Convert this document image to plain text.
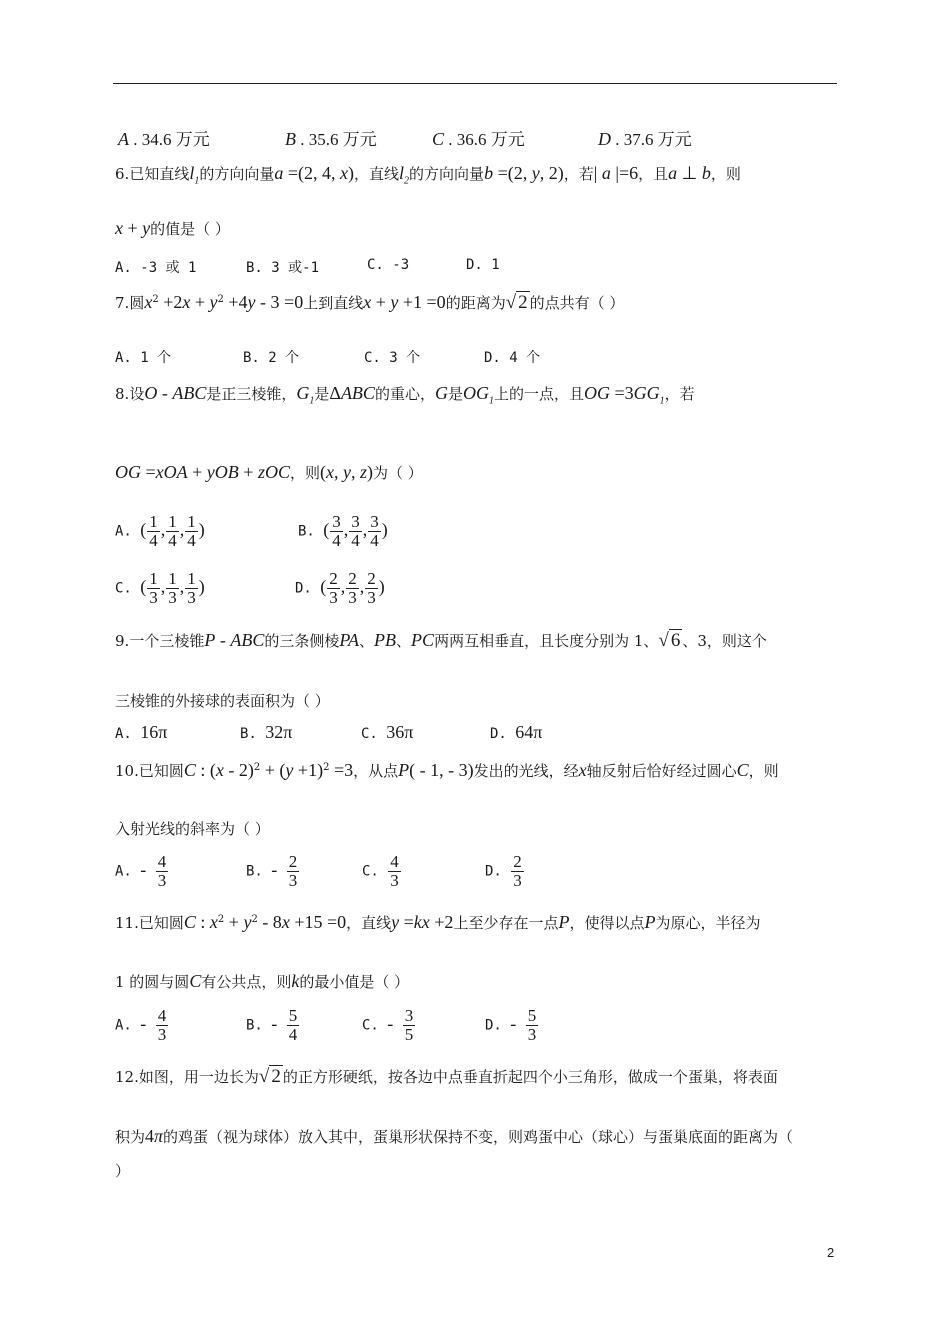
A . 34.6 万元	B . 35.6 万元	C . 36.6 万元	D . 37.6 万元
6.已知直线$l_1$的方向向量a =(2, 4, x)，直线$l_2$的方向向量b =(2, y, 2)，若| a |=6，且a ⊥ b，则
x + y的值是（ ）
A. -3 或 1	B. 3 或-1	C. -3	D. 1
7.圆$x^2 +2x + y^2 +4y - 3 =0$上到直线x + y +1 =0的距离为√ 2 的点共有（ ）
A. 1 个	B. 2 个	C. 3 个	D. 4 个
8.设O - ABC是正三棱锥，$G_1$是ΔABC的重心，G是$OG_1$上的一点，且OG $=3GG_1$，若
OG =xOA + yOB + zOC，则(x, y, z)为（ ）
A. ( $\frac{1}{4}$ , $\frac{1}{4}$ , $\frac{1}{4}$ )	B. ( $\frac{3}{4}$ , $\frac{3}{4}$ , $\frac{3}{4}$ )
C. ( $\frac{1}{3}$ , $\frac{1}{3}$ , $\frac{1}{3}$ )	D. ( $\frac{2}{3}$ , $\frac{2}{3}$ , $\frac{2}{3}$ )
9.一个三棱锥P - ABC的三条侧棱PA、PB、PC两两互相垂直，且长度分别为 1、√ 6 、3，则这个
三棱锥的外接球的表面积为（ ）
A. 16π	B. 32π	C. 36π	D. 64π
10.已知圆C : $(x - 2)^2 + (y +1)^2 =3$，从点P( - 1, - 3)发出的光线，经x轴反射后恰好经过圆心C，则
入射光线的斜率为（ ）
A. - $\frac{4}{3}$	B. - $\frac{2}{3}$	C. $\frac{4}{3}$	D. $\frac{2}{3}$
11.已知圆C : $x^2 + y^2 - 8x +15 =0$，直线y =kx +2上至少存在一点P，使得以点P为原心，半径为
1 的圆与圆C有公共点，则k的最小值是（ ）
A. - $\frac{4}{3}$	B. - $\frac{5}{4}$	C. - $\frac{3}{5}$	D. - $\frac{5}{3}$
12.如图，用一边长为√ 2 的正方形硬纸，按各边中点垂直折起四个小三角形，做成一个蛋巢，将表面
积为4π的鸡蛋（视为球体）放入其中，蛋巢形状保持不变，则鸡蛋中心（球心）与蛋巢底面的距离为（
）
2
